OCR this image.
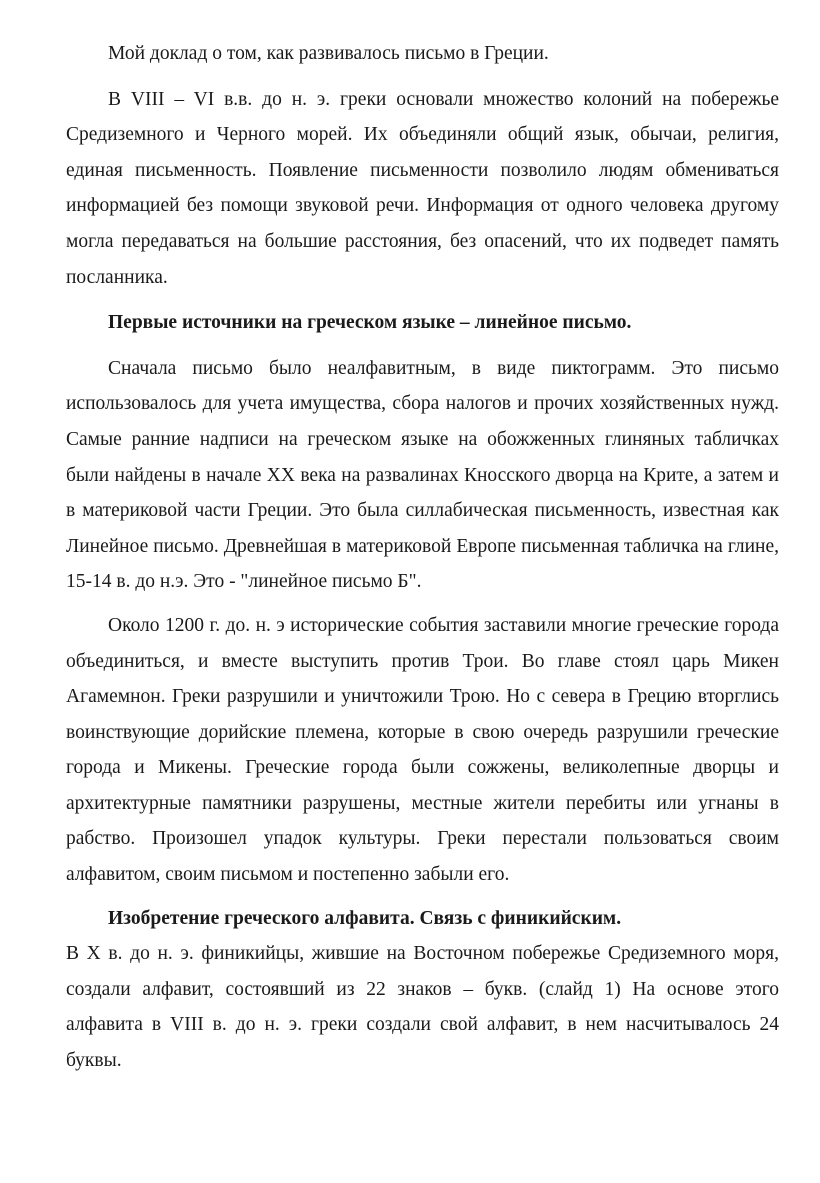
Мой доклад о том, как развивалось письмо в Греции.

В VIII – VI в.в. до н. э. греки основали множество колоний на побережье Средиземного и Черного морей. Их объединяли общий язык, обычаи, религия, единая письменность. Появление письменности позволило людям обмениваться информацией без помощи звуковой речи. Информация от одного человека другому могла передаваться на большие расстояния, без опасений, что их подведет память посланника.

Первые источники на греческом языке – линейное письмо.

Сначала письмо было неалфавитным, в виде пиктограмм. Это письмо использовалось для учета имущества, сбора налогов и прочих хозяйственных нужд. Самые ранние надписи на греческом языке на обожженных глиняных табличках были найдены в начале XX века на развалинах Кносского дворца на Крите, а затем и в материковой части Греции. Это была силлабическая письменность, известная как Линейное письмо. Древнейшая в материковой Европе письменная табличка на глине, 15-14 в. до н.э. Это - "линейное письмо Б".

Около 1200 г. до. н. э исторические события заставили многие греческие города объединиться, и вместе выступить против Трои. Во главе стоял царь Микен Агамемнон. Греки разрушили и уничтожили Трою. Но с севера в Грецию вторглись воинствующие дорийские племена, которые в свою очередь разрушили греческие города и Микены. Греческие города были сожжены, великолепные дворцы и архитектурные памятники разрушены, местные жители перебиты или угнаны в рабство. Произошел упадок культуры. Греки перестали пользоваться своим алфавитом, своим письмом и постепенно забыли его.

Изобретение греческого алфавита. Связь с финикийским.

В X в. до н. э. финикийцы, жившие на Восточном побережье Средиземного моря, создали алфавит, состоявший из 22 знаков – букв. (слайд 1) На основе этого алфавита в VIII в. до н. э. греки создали свой алфавит, в нем насчитывалось 24 буквы.
